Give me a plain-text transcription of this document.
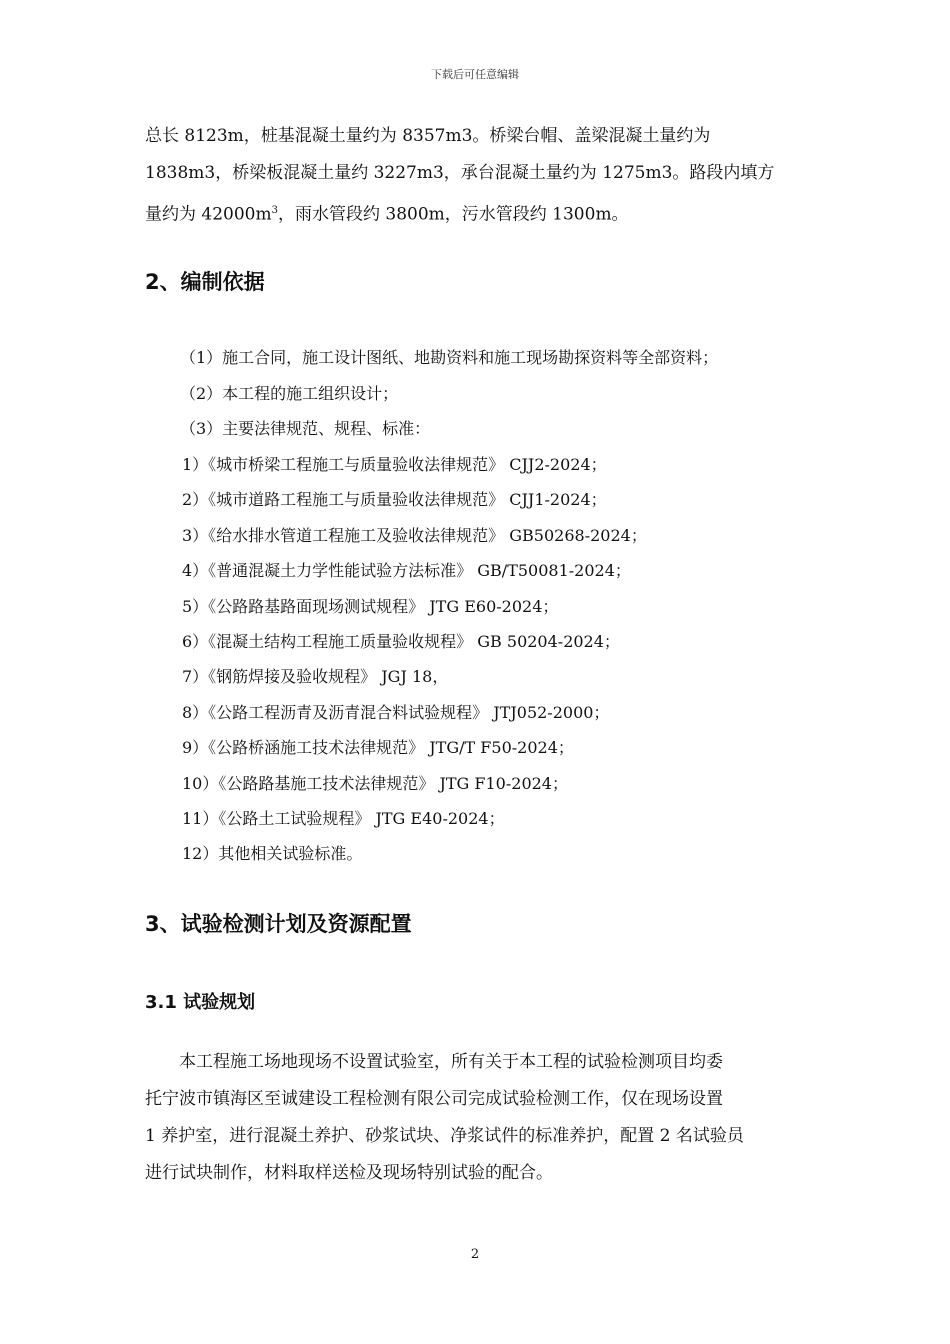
下载后可任意编辑
总长 8123m，桩基混凝土量约为 8357m3。桥梁台帽、盖梁混凝土量约为
1838m3，桥梁板混凝土量约 3227m3，承台混凝土量约为 1275m3。路段内填方
量约为 $42000m^3$，雨水管段约 3800m，污水管段约 1300m。
2、编制依据
（1）施工合同，施工设计图纸、地勘资料和施工现场勘探资料等全部资料；
（2）本工程的施工组织设计；
（3）主要法律规范、规程、标准：
1）《城市桥梁工程施工与质量验收法律规范》 CJJ2-2024；
2）《城市道路工程施工与质量验收法律规范》 CJJ1-2024；
3）《给水排水管道工程施工及验收法律规范》 GB50268-2024；
4）《普通混凝土力学性能试验方法标准》 GB/T50081-2024；
5）《公路路基路面现场测试规程》 JTG E60-2024；
6）《混凝土结构工程施工质量验收规程》 GB 50204-2024；
7）《钢筋焊接及验收规程》 JGJ 18，
8）《公路工程沥青及沥青混合料试验规程》 JTJ052-2000；
9）《公路桥涵施工技术法律规范》 JTG/T F50-2024；
10）《公路路基施工技术法律规范》 JTG F10-2024；
11）《公路土工试验规程》 JTG E40-2024；
12）其他相关试验标准。
3、试验检测计划及资源配置
3.1 试验规划
　　本工程施工场地现场不设置试验室，所有关于本工程的试验检测项目均委
托宁波市镇海区至诚建设工程检测有限公司完成试验检测工作，仅在现场设置
1 养护室，进行混凝土养护、砂浆试块、净浆试件的标准养护，配置 2 名试验员
进行试块制作，材料取样送检及现场特别试验的配合。
2
